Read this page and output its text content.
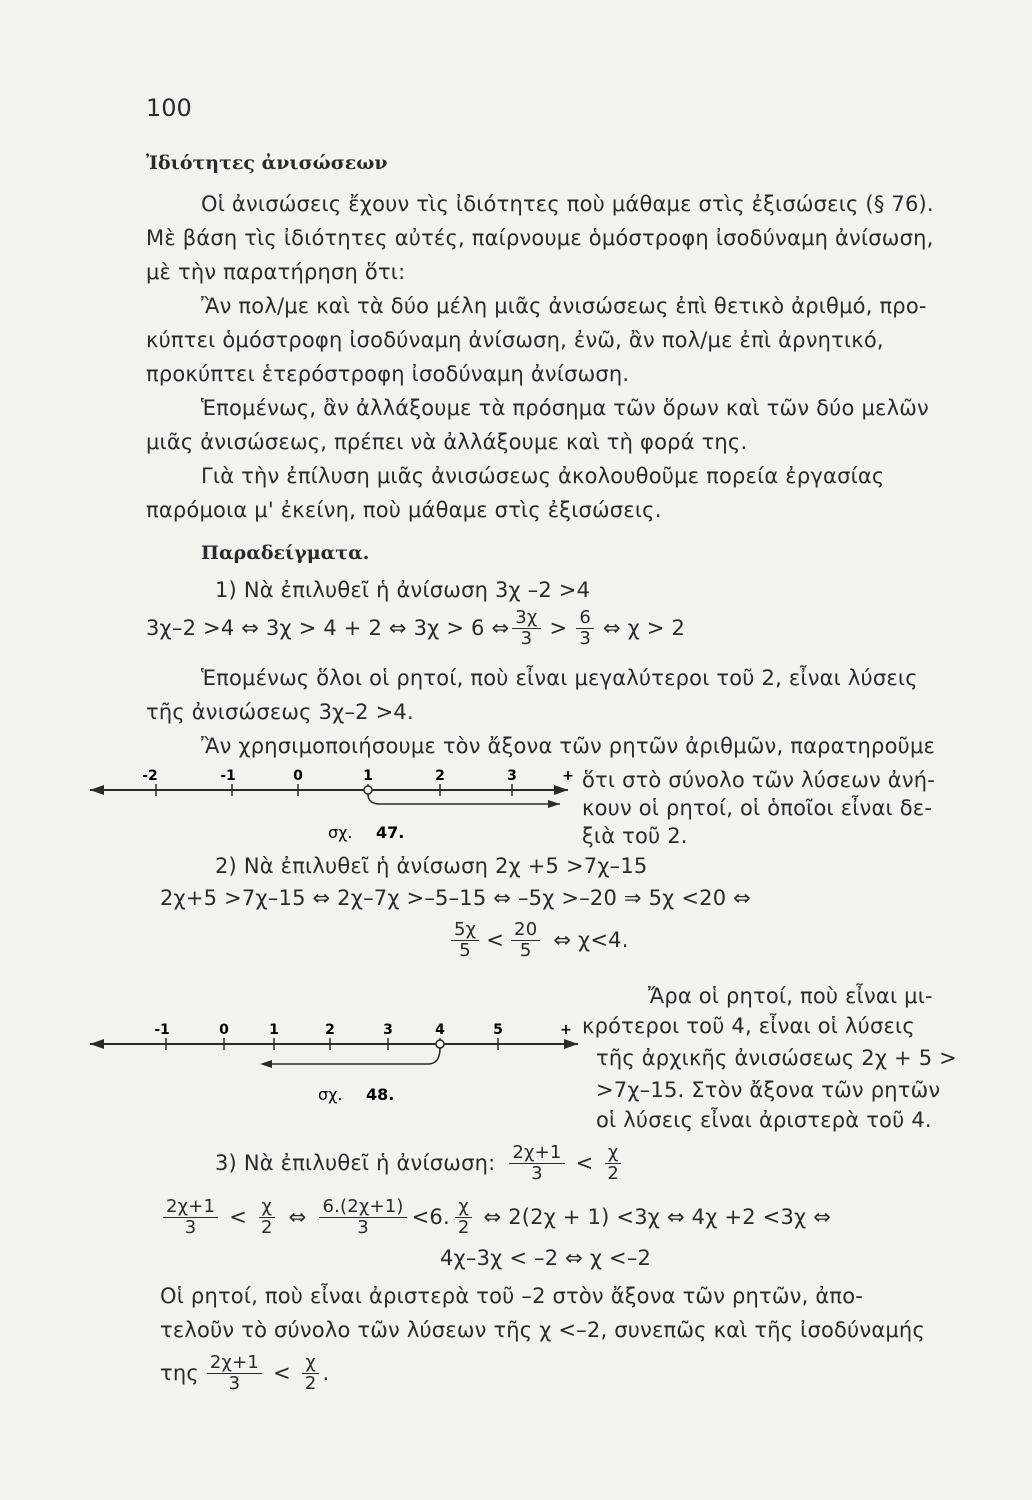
100
Ἰδιότητες ἀνισώσεων
Οἱ ἀνισώσεις ἔχουν τὶς ἰδιότητες ποὺ μάθαμε στὶς ἐξισώσεις (§ 76).
Μὲ βάση τὶς ἰδιότητες αὐτές, παίρνουμε ὁμόστροφη ἰσοδύναμη ἀνίσωση,
μὲ τὴν παρατήρηση ὅτι:
Ἂν πολ/με καὶ τὰ δύο μέλη μιᾶς ἀνισώσεως ἐπὶ θετικὸ ἀριθμό, προ-
κύπτει ὁμόστροφη ἰσοδύναμη ἀνίσωση, ἐνῶ, ἂν πολ/με ἐπὶ ἀρνητικό,
προκύπτει ἑτερόστροφη ἰσοδύναμη ἀνίσωση.
Ἑπομένως, ἂν ἀλλάξουμε τὰ πρόσημα τῶν ὅρων καὶ τῶν δύο μελῶν
μιᾶς ἀνισώσεως, πρέπει νὰ ἀλλάξουμε καὶ τὴ φορά της.
Γιὰ τὴν ἐπίλυση μιᾶς ἀνισώσεως ἀκολουθοῦμε πορεία ἐργασίας
παρόμοια μ' ἐκείνη, ποὺ μάθαμε στὶς ἐξισώσεις.
Παραδείγματα.
1) Νὰ ἐπιλυθεῖ ἡ ἀνίσωση 3χ –2 >4
3χ–2 >4 ⇔ 3χ > 4 + 2 ⇔ 3χ > 6 ⇔ $\frac{3\chi}{3} > \frac{6}{3}$ ⇔ χ > 2
Ἑπομένως ὅλοι οἱ ρητοί, ποὺ εἶναι μεγαλύτεροι τοῦ 2, εἶναι λύσεις
τῆς ἀνισώσεως 3χ–2 >4.
Ἂν χρησιμοποιήσουμε τὸν ἄξονα τῶν ρητῶν ἀριθμῶν, παρατηροῦμε
ὅτι στὸ σύνολο τῶν λύσεων ἀνή-
κουν οἱ ρητοί, οἱ ὁποῖοι εἶναι δε-
ξιὰ τοῦ 2.
-2	-1	0	1	2	3	+
σχ. 47.
2) Νὰ ἐπιλυθεῖ ἡ ἀνίσωση 2χ +5 >7χ–15
2χ+5 >7χ–15 ⇔ 2χ–7χ >–5–15 ⇔ –5χ >–20 ⇒ 5χ <20 ⇔
$\frac{5\chi}{5} < \frac{20}{5}$ ⇔ χ<4.
Ἄρα οἱ ρητοί, ποὺ εἶναι μι-
κρότεροι τοῦ 4, εἶναι οἱ λύσεις
τῆς ἀρχικῆς ἀνισώσεως 2χ + 5 >
>7χ–15. Στὸν ἄξονα τῶν ρητῶν
οἱ λύσεις εἶναι ἀριστερὰ τοῦ 4.
-1	0	1	2	3	4	5	+
σχ. 48.
3) Νὰ ἐπιλυθεῖ ἡ ἀνίσωση: $\frac{2\chi+1}{3} < \frac{\chi}{2}$
$\frac{2\chi+1}{3} < \frac{\chi}{2}$ ⇔ $\frac{6.(2\chi+1)}{3} <6$. $\frac{\chi}{2}$ ⇔ 2(2χ + 1) <3χ ⇔ 4χ +2 <3χ ⇔
4χ–3χ < –2 ⇔ χ <–2
Οἱ ρητοί, ποὺ εἶναι ἀριστερὰ τοῦ –2 στὸν ἄξονα τῶν ρητῶν, ἀπο-
τελοῦν τὸ σύνολο τῶν λύσεων τῆς χ <–2, συνεπῶς καὶ τῆς ἰσοδύναμής
της $\frac{2\chi+1}{3} < \frac{\chi}{2}$ .
